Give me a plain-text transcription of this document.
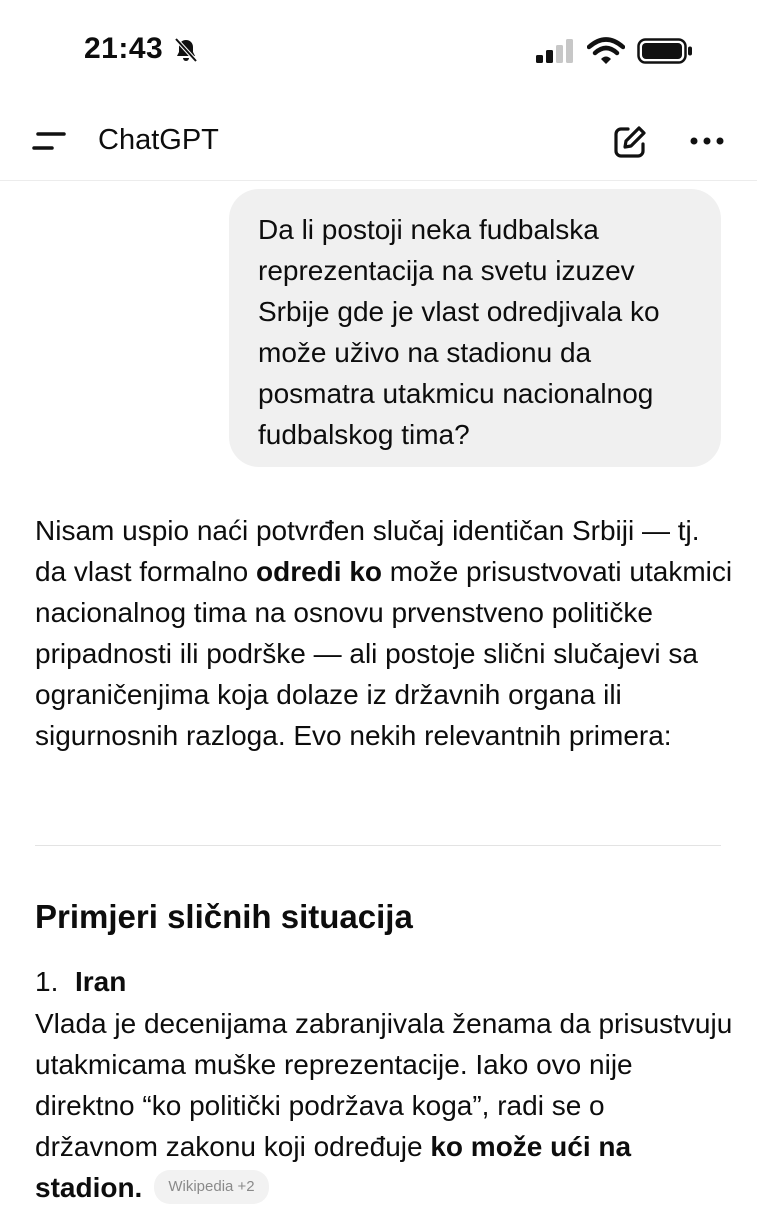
21:43
ChatGPT
Da li postoji neka fudbalska reprezentacija na svetu izuzev Srbije gde je vlast odredjivala ko može uživo na stadionu da posmatra utakmicu nacionalnog fudbalskog tima?
Nisam uspio naći potvrđen slučaj identičan Srbiji — tj. da vlast formalno odredi ko može prisustvovati utakmici nacionalnog tima na osnovu prvenstveno političke pripadnosti ili podrške — ali postoje slični slučajevi sa ograničenjima koja dolaze iz državnih organa ili sigurnosnih razloga. Evo nekih relevantnih primera:
Primjeri sličnih situacija
1. Iran
Vlada je decenijama zabranjivala ženama da prisustvuju utakmicama muške reprezentacije. Iako ovo nije direktno “ko politički podržava koga”, radi se o državnom zakonu koji određuje ko može ući na stadion. Wikipedia +2
